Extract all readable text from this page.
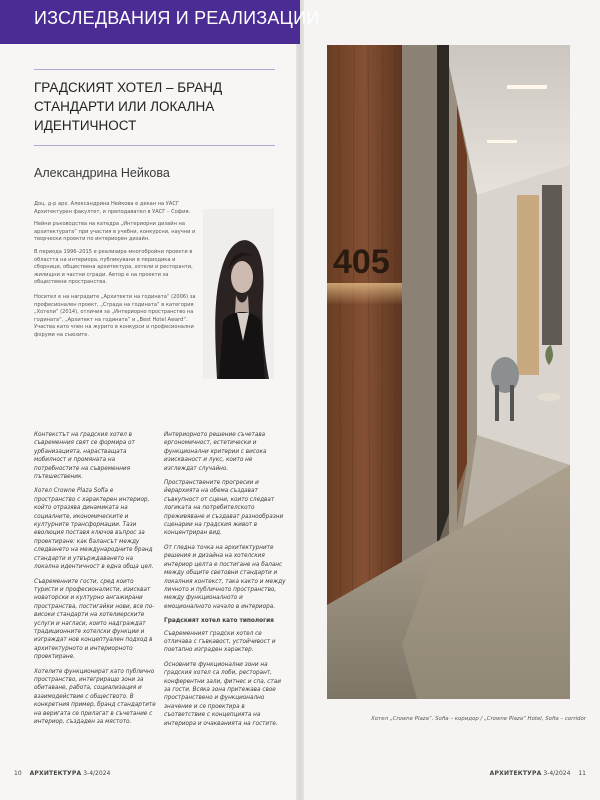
ИЗСЛЕДВАНИЯ И РЕАЛИЗАЦИИ
ГРАДСКИЯТ ХОТЕЛ – БРАНД СТАНДАРТИ ИЛИ ЛОКАЛНА ИДЕНТИЧНОСТ
Александрина Нейкова

Доц. д-р арх. Александрина Нейкова е декан на УАСГ Архитектурен факултет, и преподавател в УАСГ – София.

Нейни ръководства на катедра „Интериорни дизайн на архитектурата“ при участия в учебни, конкурсни, научни и творчески проекти по интериорен дизайн.

В периода 1996–2015 е реализира многобройни проекти в областта на интериора, публикувани в периодика и сборници, обществена архитектура, хотели и ресторанти, жилищни и частни сгради. Автор е на проекти за обществени пространства.

Носител е на наградите „Архитекти на годината“ (2006) за професионален проект, „Сграда на годината“ в категория „Хотели“ (2014), отличия за „Интериорно пространство на годината“, „Архитект на годината“ и „Best Hotel Award“. Участва като член на журито в конкурси и професионални форуми на съюзите.

Контекстът на градския хотел в съвременния свят се формира от урбанизацията, нарастващата мобилност и промяната на потребностите на съвременния пътешественик.

Хотел Crowne Plaza Sofia е пространство с характерен интериор, който отразява динамиката на социалните, икономическите и културните трансформации. Тази еволюция поставя ключов въпрос за проектиране: как балансът между следването на международните бранд стандарти и утвърждаването на локална идентичност в една обща цел.

Съвременните гости, сред които туристи и професионалисти, изискват новаторски и културно ангажирани пространства, постигайки нови, все по-високи стандарти на хотелиерските услуги и нагласи, които надграждат традиционните хотелски функции и изграждат нов концептуален подход в архитектурното и интериорното проектиране.

Хотелите функционират като публично пространство, интегриращо зони за обитаване, работа, социализация и взаимодействие с обществото. В конкретния пример, бранд стандартите на веригата се прилагат в съчетание с интериор, създаден за мястото.

Интериорното решение съчетава ергономичност, естетически и функционални критерии с висока изискваност и лукс, които не изглеждат случайно.

Пространствените прогресии и йерархията на обема създават съвкупност от сцени, които следват логиката на потребителското преживяване и създават разнообразни сценарии на градския живот в концентриран вид.

От гледна точка на архитектурните решения и дизайна на хотелския интериор целта е постигане на баланс между общите световни стандарти и локалния контекст, така както и между личното и публичното пространство, между функционалното и емоционалното начало в интериора.

Градският хотел като типология

Съвременният градски хотел се отличава с гъвкавост, устойчивост и поетапно изграден характер.

Основните функционални зони на градския хотел са лоби, ресторант, конферентни зали, фитнес и спа, стаи за гости. Всяка зона притежава свое пространствено и функционално значение и се проектира в съответствие с концепцията на интериора и очакванията на гостите.

10 АРХИТЕКТУРА 3-4/2024	АРХИТЕКТУРА 3-4/2024 11
405
Хотел „Crowne Plaza“, Sofia – коридор / „Crowne Plaza“ Hotel, Sofia – corridor
